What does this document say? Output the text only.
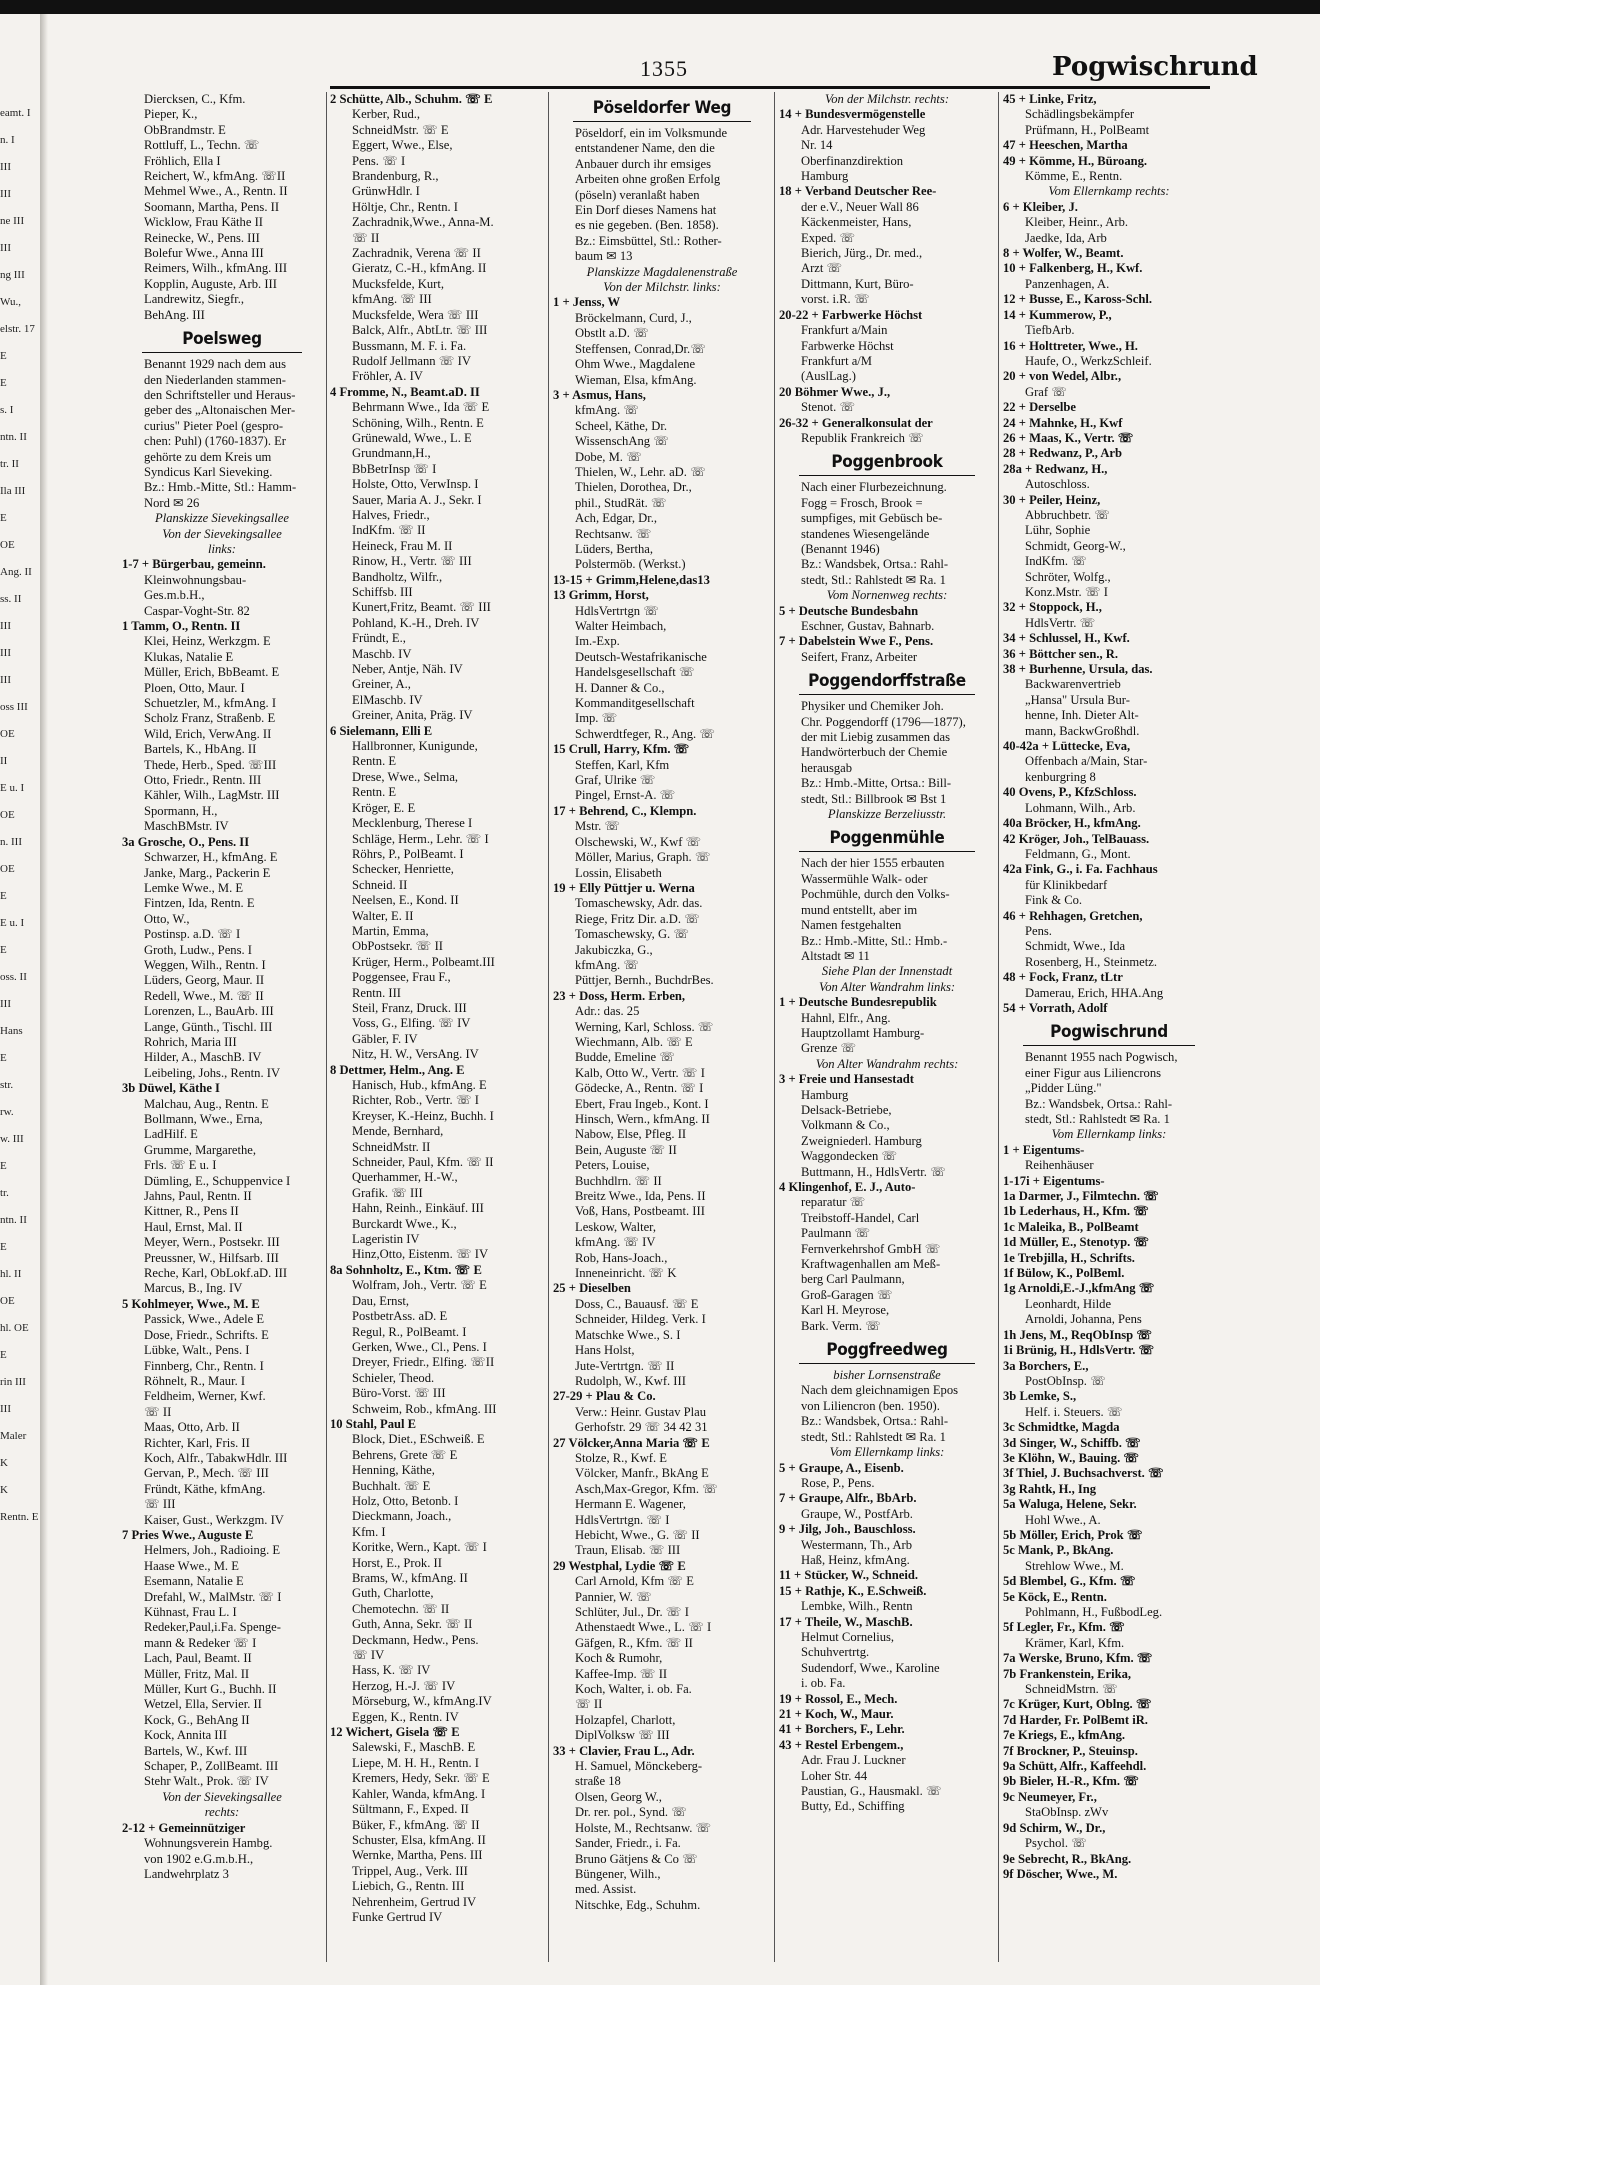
eamt. I
n. I
III
III
ne III
III
ng III
Wu.,
elstr. 17
E
E
s. I
ntn. II
tr. II
Ila III
E
OE
Ang. II
ss. II
III
III
III
oss III
OE
II
E u. I
OE
n. III
OE
E
E u. I
E
oss. II
III
Hans
E
str.
rw.
w. III
E
tr.
ntn. II
E
hl. II
OE
hl. OE
E
rin III
III
Maler
K
K
Rentn. E
1355	Pogwischrund
Diercksen, C., Kfm.
Pieper, K.,
ObBrandmstr. E
Rottluff, L., Techn. ☏
Fröhlich, Ella I
Reichert, W., kfmAng. ☏II
Mehmel Wwe., A., Rentn. II
Soomann, Martha, Pens. II
Wicklow, Frau Käthe II
Reinecke, W., Pens. III
Bolefur Wwe., Anna III
Reimers, Wilh., kfmAng. III
Kopplin, Auguste, Arb. III
Landrewitz, Siegfr.,
BehAng. III
Poelsweg
Benannt 1929 nach dem aus
den Niederlanden stammen-
den Schriftsteller und Heraus-
geber des „Altonaischen Mer-
curius" Pieter Poel (gespro-
chen: Puhl) (1760-1837). Er
gehörte zu dem Kreis um
Syndicus Karl Sieveking.
Bz.: Hmb.-Mitte, Stl.: Hamm-
Nord ✉ 26
Planskizze Sievekingsallee
Von der Sievekingsallee
links:
1-7 + Bürgerbau, gemeinn.
Kleinwohnungsbau-
Ges.m.b.H.,
Caspar-Voght-Str. 82
1 Tamm, O., Rentn. II
Klei, Heinz, Werkzgm. E
Klukas, Natalie E
Müller, Erich, BbBeamt. E
Ploen, Otto, Maur. I
Schuetzler, M., kfmAng. I
Scholz Franz, Straßenb. E
Wild, Erich, VerwAng. II
Bartels, K., HbAng. II
Thede, Herb., Sped. ☏III
Otto, Friedr., Rentn. III
Kähler, Wilh., LagMstr. III
Spormann, H.,
MaschBMstr. IV
3a Grosche, O., Pens. II
Schwarzer, H., kfmAng. E
Janke, Marg., Packerin E
Lemke Wwe., M. E
Fintzen, Ida, Rentn. E
Otto, W.,
Postinsp. a.D. ☏ I
Groth, Ludw., Pens. I
Weggen, Wilh., Rentn. I
Lüders, Georg, Maur. II
Redell, Wwe., M. ☏ II
Lorenzen, L., BauArb. III
Lange, Günth., Tischl. III
Rohrich, Maria III
Hilder, A., MaschB. IV
Leibeling, Johs., Rentn. IV
3b Düwel, Käthe I
Malchau, Aug., Rentn. E
Bollmann, Wwe., Erna,
LadHilf. E
Grumme, Margarethe,
Frls. ☏ E u. I
Dümling, E., Schuppenvice I
Jahns, Paul, Rentn. II
Kittner, R., Pens II
Haul, Ernst, Mal. II
Meyer, Wern., Postsekr. III
Preussner, W., Hilfsarb. III
Reche, Karl, ObLokf.aD. III
Marcus, B., Ing. IV
5 Kohlmeyer, Wwe., M. E
Passick, Wwe., Adele E
Dose, Friedr., Schrifts. E
Lübke, Walt., Pens. I
Finnberg, Chr., Rentn. I
Röhnelt, R., Maur. I
Feldheim, Werner, Kwf.
☏ II
Maas, Otto, Arb. II
Richter, Karl, Fris. II
Koch, Alfr., TabakwHdlr. III
Gervan, P., Mech. ☏ III
Fründt, Käthe, kfmAng.
☏ III
Kaiser, Gust., Werkzgm. IV
7 Pries Wwe., Auguste E
Helmers, Joh., Radioing. E
Haase Wwe., M. E
Esemann, Natalie E
Drefahl, W., MalMstr. ☏ I
Kühnast, Frau L. I
Redeker,Paul,i.Fa. Spenge-
mann & Redeker ☏ I
Lach, Paul, Beamt. II
Müller, Fritz, Mal. II
Müller, Kurt G., Buchh. II
Wetzel, Ella, Servier. II
Kock, G., BehAng II
Kock, Annita III
Bartels, W., Kwf. III
Schaper, P., ZollBeamt. III
Stehr Walt., Prok. ☏ IV
Von der Sievekingsallee
rechts:
2-12 + Gemeinnütziger
Wohnungsverein Hambg.
von 1902 e.G.m.b.H.,
Landwehrplatz 3
2 Schütte, Alb., Schuhm. ☏ E
Kerber, Rud.,
SchneidMstr. ☏ E
Eggert, Wwe., Else,
Pens. ☏ I
Brandenburg, R.,
GrünwHdlr. I
Höltje, Chr., Rentn. I
Zachradnik,Wwe., Anna-M.
☏ II
Zachradnik, Verena ☏ II
Gieratz, C.-H., kfmAng. II
Mucksfelde, Kurt,
kfmAng. ☏ III
Mucksfelde, Wera ☏ III
Balck, Alfr., AbtLtr. ☏ III
Bussmann, M. F. i. Fa.
Rudolf Jellmann ☏ IV
Fröhler, A. IV
4 Fromme, N., Beamt.aD. II
Behrmann Wwe., Ida ☏ E
Schöning, Wilh., Rentn. E
Grünewald, Wwe., L. E
Grundmann,H.,
BbBetrInsp ☏ I
Holste, Otto, VerwInsp. I
Sauer, Maria A. J., Sekr. I
Halves, Friedr.,
IndKfm. ☏ II
Heineck, Frau M. II
Rinow, H., Vertr. ☏ III
Bandholtz, Wilfr.,
Schiffsb. III
Kunert,Fritz, Beamt. ☏ III
Pohland, K.-H., Dreh. IV
Fründt, E.,
Maschb. IV
Neber, Antje, Näh. IV
Greiner, A.,
ElMaschb. IV
Greiner, Anita, Präg. IV
6 Sielemann, Elli E
Hallbronner, Kunigunde,
Rentn. E
Drese, Wwe., Selma,
Rentn. E
Kröger, E. E
Mecklenburg, Therese I
Schläge, Herm., Lehr. ☏ I
Röhrs, P., PolBeamt. I
Schecker, Henriette,
Schneid. II
Neelsen, E., Kond. II
Walter, E. II
Martin, Emma,
ObPostsekr. ☏ II
Krüger, Herm., Polbeamt.III
Poggensee, Frau F.,
Rentn. III
Steil, Franz, Druck. III
Voss, G., Elfing. ☏ IV
Gäbler, F. IV
Nitz, H. W., VersAng. IV
8 Dettmer, Helm., Ang. E
Hanisch, Hub., kfmAng. E
Richter, Rob., Vertr. ☏ I
Kreyser, K.-Heinz, Buchh. I
Mende, Bernhard,
SchneidMstr. II
Schneider, Paul, Kfm. ☏ II
Querhammer, H.-W.,
Grafik. ☏ III
Hahn, Reinh., Einkäuf. III
Burckardt Wwe., K.,
Lageristin IV
Hinz,Otto, Eistenm. ☏ IV
8a Sohnholtz, E., Ktm. ☏ E
Wolfram, Joh., Vertr. ☏ E
Dau, Ernst,
PostbetrAss. aD. E
Regul, R., PolBeamt. I
Gerken, Wwe., Cl., Pens. I
Dreyer, Friedr., Elfing. ☏II
Schieler, Theod.
Büro-Vorst. ☏ III
Schweim, Rob., kfmAng. III
10 Stahl, Paul E
Block, Diet., ESchweiß. E
Behrens, Grete ☏ E
Henning, Käthe,
Buchhalt. ☏ E
Holz, Otto, Betonb. I
Dieckmann, Joach.,
Kfm. I
Koritke, Wern., Kapt. ☏ I
Horst, E., Prok. II
Brams, W., kfmAng. II
Guth, Charlotte,
Chemotechn. ☏ II
Guth, Anna, Sekr. ☏ II
Deckmann, Hedw., Pens.
☏ IV
Hass, K. ☏ IV
Herzog, H.-J. ☏ IV
Mörseburg, W., kfmAng.IV
Eggen, K., Rentn. IV
12 Wichert, Gisela ☏ E
Salewski, F., MaschB. E
Liepe, M. H. H., Rentn. I
Kremers, Hedy, Sekr. ☏ E
Kahler, Wanda, kfmAng. I
Sültmann, F., Exped. II
Büker, F., kfmAng. ☏ II
Schuster, Elsa, kfmAng. II
Wernke, Martha, Pens. III
Trippel, Aug., Verk. III
Liebich, G., Rentn. III
Nehrenheim, Gertrud IV
Funke Gertrud IV
Pöseldorfer Weg
Pöseldorf, ein im Volksmunde
entstandener Name, den die
Anbauer durch ihr emsiges
Arbeiten ohne großen Erfolg
(pöseln) veranlaßt haben
Ein Dorf dieses Namens hat
es nie gegeben. (Ben. 1858).
Bz.: Eimsbüttel, Stl.: Rother-
baum ✉ 13
Planskizze Magdalenenstraße
Von der Milchstr. links:
1 + Jenss, W
Bröckelmann, Curd, J.,
Obstlt a.D. ☏
Steffensen, Conrad,Dr.☏
Ohm Wwe., Magdalene
Wieman, Elsa, kfmAng.
3 + Asmus, Hans,
kfmAng. ☏
Scheel, Käthe, Dr.
WissenschAng ☏
Dobe, M. ☏
Thielen, W., Lehr. aD. ☏
Thielen, Dorothea, Dr.,
phil., StudRät. ☏
Ach, Edgar, Dr.,
Rechtsanw. ☏
Lüders, Bertha,
Polstermöb. (Werkst.)
13-15 + Grimm,Helene,das13
13 Grimm, Horst,
HdlsVertrtgn ☏
Walter Heimbach,
Im.-Exp.
Deutsch-Westafrikanische
Handelsgesellschaft ☏
H. Danner & Co.,
Kommanditgesellschaft
Imp. ☏
Schwerdtfeger, R., Ang. ☏
15 Crull, Harry, Kfm. ☏
Steffen, Karl, Kfm
Graf, Ulrike ☏
Pingel, Ernst-A. ☏
17 + Behrend, C., Klempn.
Mstr. ☏
Olschewski, W., Kwf ☏
Möller, Marius, Graph. ☏
Lossin, Elisabeth
19 + Elly Püttjer u. Werna
Tomaschewsky, Adr. das.
Riege, Fritz Dir. a.D. ☏
Tomaschewsky, G. ☏
Jakubiczka, G.,
kfmAng. ☏
Püttjer, Bernh., BuchdrBes.
23 + Doss, Herm. Erben,
Adr.: das. 25
Werning, Karl, Schloss. ☏
Wiechmann, Alb. ☏ E
Budde, Emeline ☏
Kalb, Otto W., Vertr. ☏ I
Gödecke, A., Rentn. ☏ I
Ebert, Frau Ingeb., Kont. I
Hinsch, Wern., kfmAng. II
Nabow, Else, Pfleg. II
Bein, Auguste ☏ II
Peters, Louise,
Buchhdlrn. ☏ II
Breitz Wwe., Ida, Pens. II
Voß, Hans, Postbeamt. III
Leskow, Walter,
kfmAng. ☏ IV
Rob, Hans-Joach.,
Inneneinricht. ☏ K
25 + Dieselben
Doss, C., Bauausf. ☏ E
Schneider, Hildeg. Verk. I
Matschke Wwe., S. I
Hans Holst,
Jute-Vertrtgn. ☏ II
Rudolph, W., Kwf. III
27-29 + Plau & Co.
Verw.: Heinr. Gustav Plau
Gerhofstr. 29 ☏ 34 42 31
27 Völcker,Anna Maria ☏ E
Stolze, R., Kwf. E
Völcker, Manfr., BkAng E
Asch,Max-Gregor, Kfm. ☏
Hermann E. Wagener,
HdlsVertrtgn. ☏ I
Hebicht, Wwe., G. ☏ II
Traun, Elisab. ☏ III
29 Westphal, Lydie ☏ E
Carl Arnold, Kfm ☏ E
Pannier, W. ☏
Schlüter, Jul., Dr. ☏ I
Athenstaedt Wwe., L. ☏ I
Gäfgen, R., Kfm. ☏ II
Koch & Rumohr,
Kaffee-Imp. ☏ II
Koch, Walter, i. ob. Fa.
☏ II
Holzapfel, Charlott,
DiplVolksw ☏ III
33 + Clavier, Frau L., Adr.
H. Samuel, Mönckeberg-
straße 18
Olsen, Georg W.,
Dr. rer. pol., Synd. ☏
Holste, M., Rechtsanw. ☏
Sander, Friedr., i. Fa.
Bruno Gätjens & Co ☏
Büngener, Wilh.,
med. Assist.
Nitschke, Edg., Schuhm.
Von der Milchstr. rechts:
14 + Bundesvermögenstelle
Adr. Harvestehuder Weg
Nr. 14
Oberfinanzdirektion
Hamburg
18 + Verband Deutscher Ree-
der e.V., Neuer Wall 86
Käckenmeister, Hans,
Exped. ☏
Bierich, Jürg., Dr. med.,
Arzt ☏
Dittmann, Kurt, Büro-
vorst. i.R. ☏
20-22 + Farbwerke Höchst
Frankfurt a/Main
Farbwerke Höchst
Frankfurt a/M
(AuslLag.)
20 Böhmer Wwe., J.,
Stenot. ☏
26-32 + Generalkonsulat der
Republik Frankreich ☏
Poggenbrook
Nach einer Flurbezeichnung.
Fogg = Frosch, Brook =
sumpfiges, mit Gebüsch be-
standenes Wiesengelände
(Benannt 1946)
Bz.: Wandsbek, Ortsa.: Rahl-
stedt, Stl.: Rahlstedt ✉ Ra. 1
Vom Nornenweg rechts:
5 + Deutsche Bundesbahn
Eschner, Gustav, Bahnarb.
7 + Dabelstein Wwe F., Pens.
Seifert, Franz, Arbeiter
Poggendorffstraße
Physiker und Chemiker Joh.
Chr. Poggendorff (1796—1877),
der mit Liebig zusammen das
Handwörterbuch der Chemie
herausgab
Bz.: Hmb.-Mitte, Ortsa.: Bill-
stedt, Stl.: Billbrook ✉ Bst 1
Planskizze Berzeliusstr.
Poggenmühle
Nach der hier 1555 erbauten
Wassermühle Walk- oder
Pochmühle, durch den Volks-
mund entstellt, aber im
Namen festgehalten
Bz.: Hmb.-Mitte, Stl.: Hmb.-
Altstadt ✉ 11
Siehe Plan der Innenstadt
Von Alter Wandrahm links:
1 + Deutsche Bundesrepublik
Hahnl, Elfr., Ang.
Hauptzollamt Hamburg-
Grenze ☏
Von Alter Wandrahm rechts:
3 + Freie und Hansestadt
Hamburg
Delsack-Betriebe,
Volkmann & Co.,
Zweigniederl. Hamburg
Waggondecken ☏
Buttmann, H., HdlsVertr. ☏
4 Klingenhof, E. J., Auto-
reparatur ☏
Treibstoff-Handel, Carl
Paulmann ☏
Fernverkehrshof GmbH ☏
Kraftwagenhallen am Meß-
berg Carl Paulmann,
Groß-Garagen ☏
Karl H. Meyrose,
Bark. Verm. ☏
Poggfreedweg
bisher Lornsenstraße
Nach dem gleichnamigen Epos
von Liliencron (ben. 1950).
Bz.: Wandsbek, Ortsa.: Rahl-
stedt, Stl.: Rahlstedt ✉ Ra. 1
Vom Ellernkamp links:
5 + Graupe, A., Eisenb.
Rose, P., Pens.
7 + Graupe, Alfr., BbArb.
Graupe, W., PostfArb.
9 + Jilg, Joh., Bauschloss.
Westermann, Th., Arb
Haß, Heinz, kfmAng.
11 + Stücker, W., Schneid.
15 + Rathje, K., E.Schweiß.
Lembke, Wilh., Rentn
17 + Theile, W., MaschB.
Helmut Cornelius,
Schuhvertrtg.
Sudendorf, Wwe., Karoline
i. ob. Fa.
19 + Rossol, E., Mech.
21 + Koch, W., Maur.
41 + Borchers, F., Lehr.
43 + Restel Erbengem.,
Adr. Frau J. Luckner
Loher Str. 44
Paustian, G., Hausmakl. ☏
Butty, Ed., Schiffing
45 + Linke, Fritz,
Schädlingsbekämpfer
Prüfmann, H., PolBeamt
47 + Heeschen, Martha
49 + Kömme, H., Büroang.
Kömme, E., Rentn.
Vom Ellernkamp rechts:
6 + Kleiber, J.
Kleiber, Heinr., Arb.
Jaedke, Ida, Arb
8 + Wolfer, W., Beamt.
10 + Falkenberg, H., Kwf.
Panzenhagen, A.
12 + Busse, E., Kaross-Schl.
14 + Kummerow, P.,
TiefbArb.
16 + Holttreter, Wwe., H.
Haufe, O., WerkzSchleif.
20 + von Wedel, Albr.,
Graf ☏
22 + Derselbe
24 + Mahnke, H., Kwf
26 + Maas, K., Vertr. ☏
28 + Redwanz, P., Arb
28a + Redwanz, H.,
Autoschloss.
30 + Peiler, Heinz,
Abbruchbetr. ☏
Lühr, Sophie
Schmidt, Georg-W.,
IndKfm. ☏
Schröter, Wolfg.,
Konz.Mstr. ☏ I
32 + Stoppock, H.,
HdlsVertr. ☏
34 + Schlussel, H., Kwf.
36 + Böttcher sen., R.
38 + Burhenne, Ursula, das.
Backwarenvertrieb
„Hansa" Ursula Bur-
henne, Inh. Dieter Alt-
mann, BackwGroßhdl.
40-42a + Lüttecke, Eva,
Offenbach a/Main, Star-
kenburgring 8
40 Ovens, P., KfzSchloss.
Lohmann, Wilh., Arb.
40a Bröcker, H., kfmAng.
42 Kröger, Joh., TelBauass.
Feldmann, G., Mont.
42a Fink, G., i. Fa. Fachhaus
für Klinikbedarf
Fink & Co.
46 + Rehhagen, Gretchen,
Pens.
Schmidt, Wwe., Ida
Rosenberg, H., Steinmetz.
48 + Fock, Franz, tLtr
Damerau, Erich, HHA.Ang
54 + Vorrath, Adolf
Pogwischrund
Benannt 1955 nach Pogwisch,
einer Figur aus Liliencrons
„Pidder Lüng."
Bz.: Wandsbek, Ortsa.: Rahl-
stedt, Stl.: Rahlstedt ✉ Ra. 1
Vom Ellernkamp links:
1 + Eigentums-
Reihenhäuser
1-17i + Eigentums-
1a Darmer, J., Filmtechn. ☏
1b Lederhaus, H., Kfm. ☏
1c Maleika, B., PolBeamt
1d Müller, E., Stenotyp. ☏
1e Trebjilla, H., Schrifts.
1f Bülow, K., PolBeml.
1g Arnoldi,E.-J.,kfmAng ☏
Leonhardt, Hilde
Arnoldi, Johanna, Pens
1h Jens, M., ReqObInsp ☏
1i Brünig, H., HdlsVertr. ☏
3a Borchers, E.,
PostObInsp. ☏
3b Lemke, S.,
Helf. i. Steuers. ☏
3c Schmidtke, Magda
3d Singer, W., Schiffb. ☏
3e Klöhn, W., Bauing. ☏
3f Thiel, J. Buchsachverst. ☏
3g Rahtk, H., Ing
5a Waluga, Helene, Sekr.
Hohl Wwe., A.
5b Möller, Erich, Prok ☏
5c Mank, P., BkAng.
Strehlow Wwe., M.
5d Blembel, G., Kfm. ☏
5e Köck, E., Rentn.
Pohlmann, H., FußbodLeg.
5f Legler, Fr., Kfm. ☏
Krämer, Karl, Kfm.
7a Werske, Bruno, Kfm. ☏
7b Frankenstein, Erika,
SchneidMstrn. ☏
7c Krüger, Kurt, Oblng. ☏
7d Harder, Fr. PolBemt iR.
7e Kriegs, E., kfmAng.
7f Brockner, P., Steuinsp.
9a Schütt, Alfr., Kaffeehdl.
9b Bieler, H.-R., Kfm. ☏
9c Neumeyer, Fr.,
StaObInsp. zWv
9d Schirm, W., Dr.,
Psychol. ☏
9e Sebrecht, R., BkAng.
9f Döscher, Wwe., M.
